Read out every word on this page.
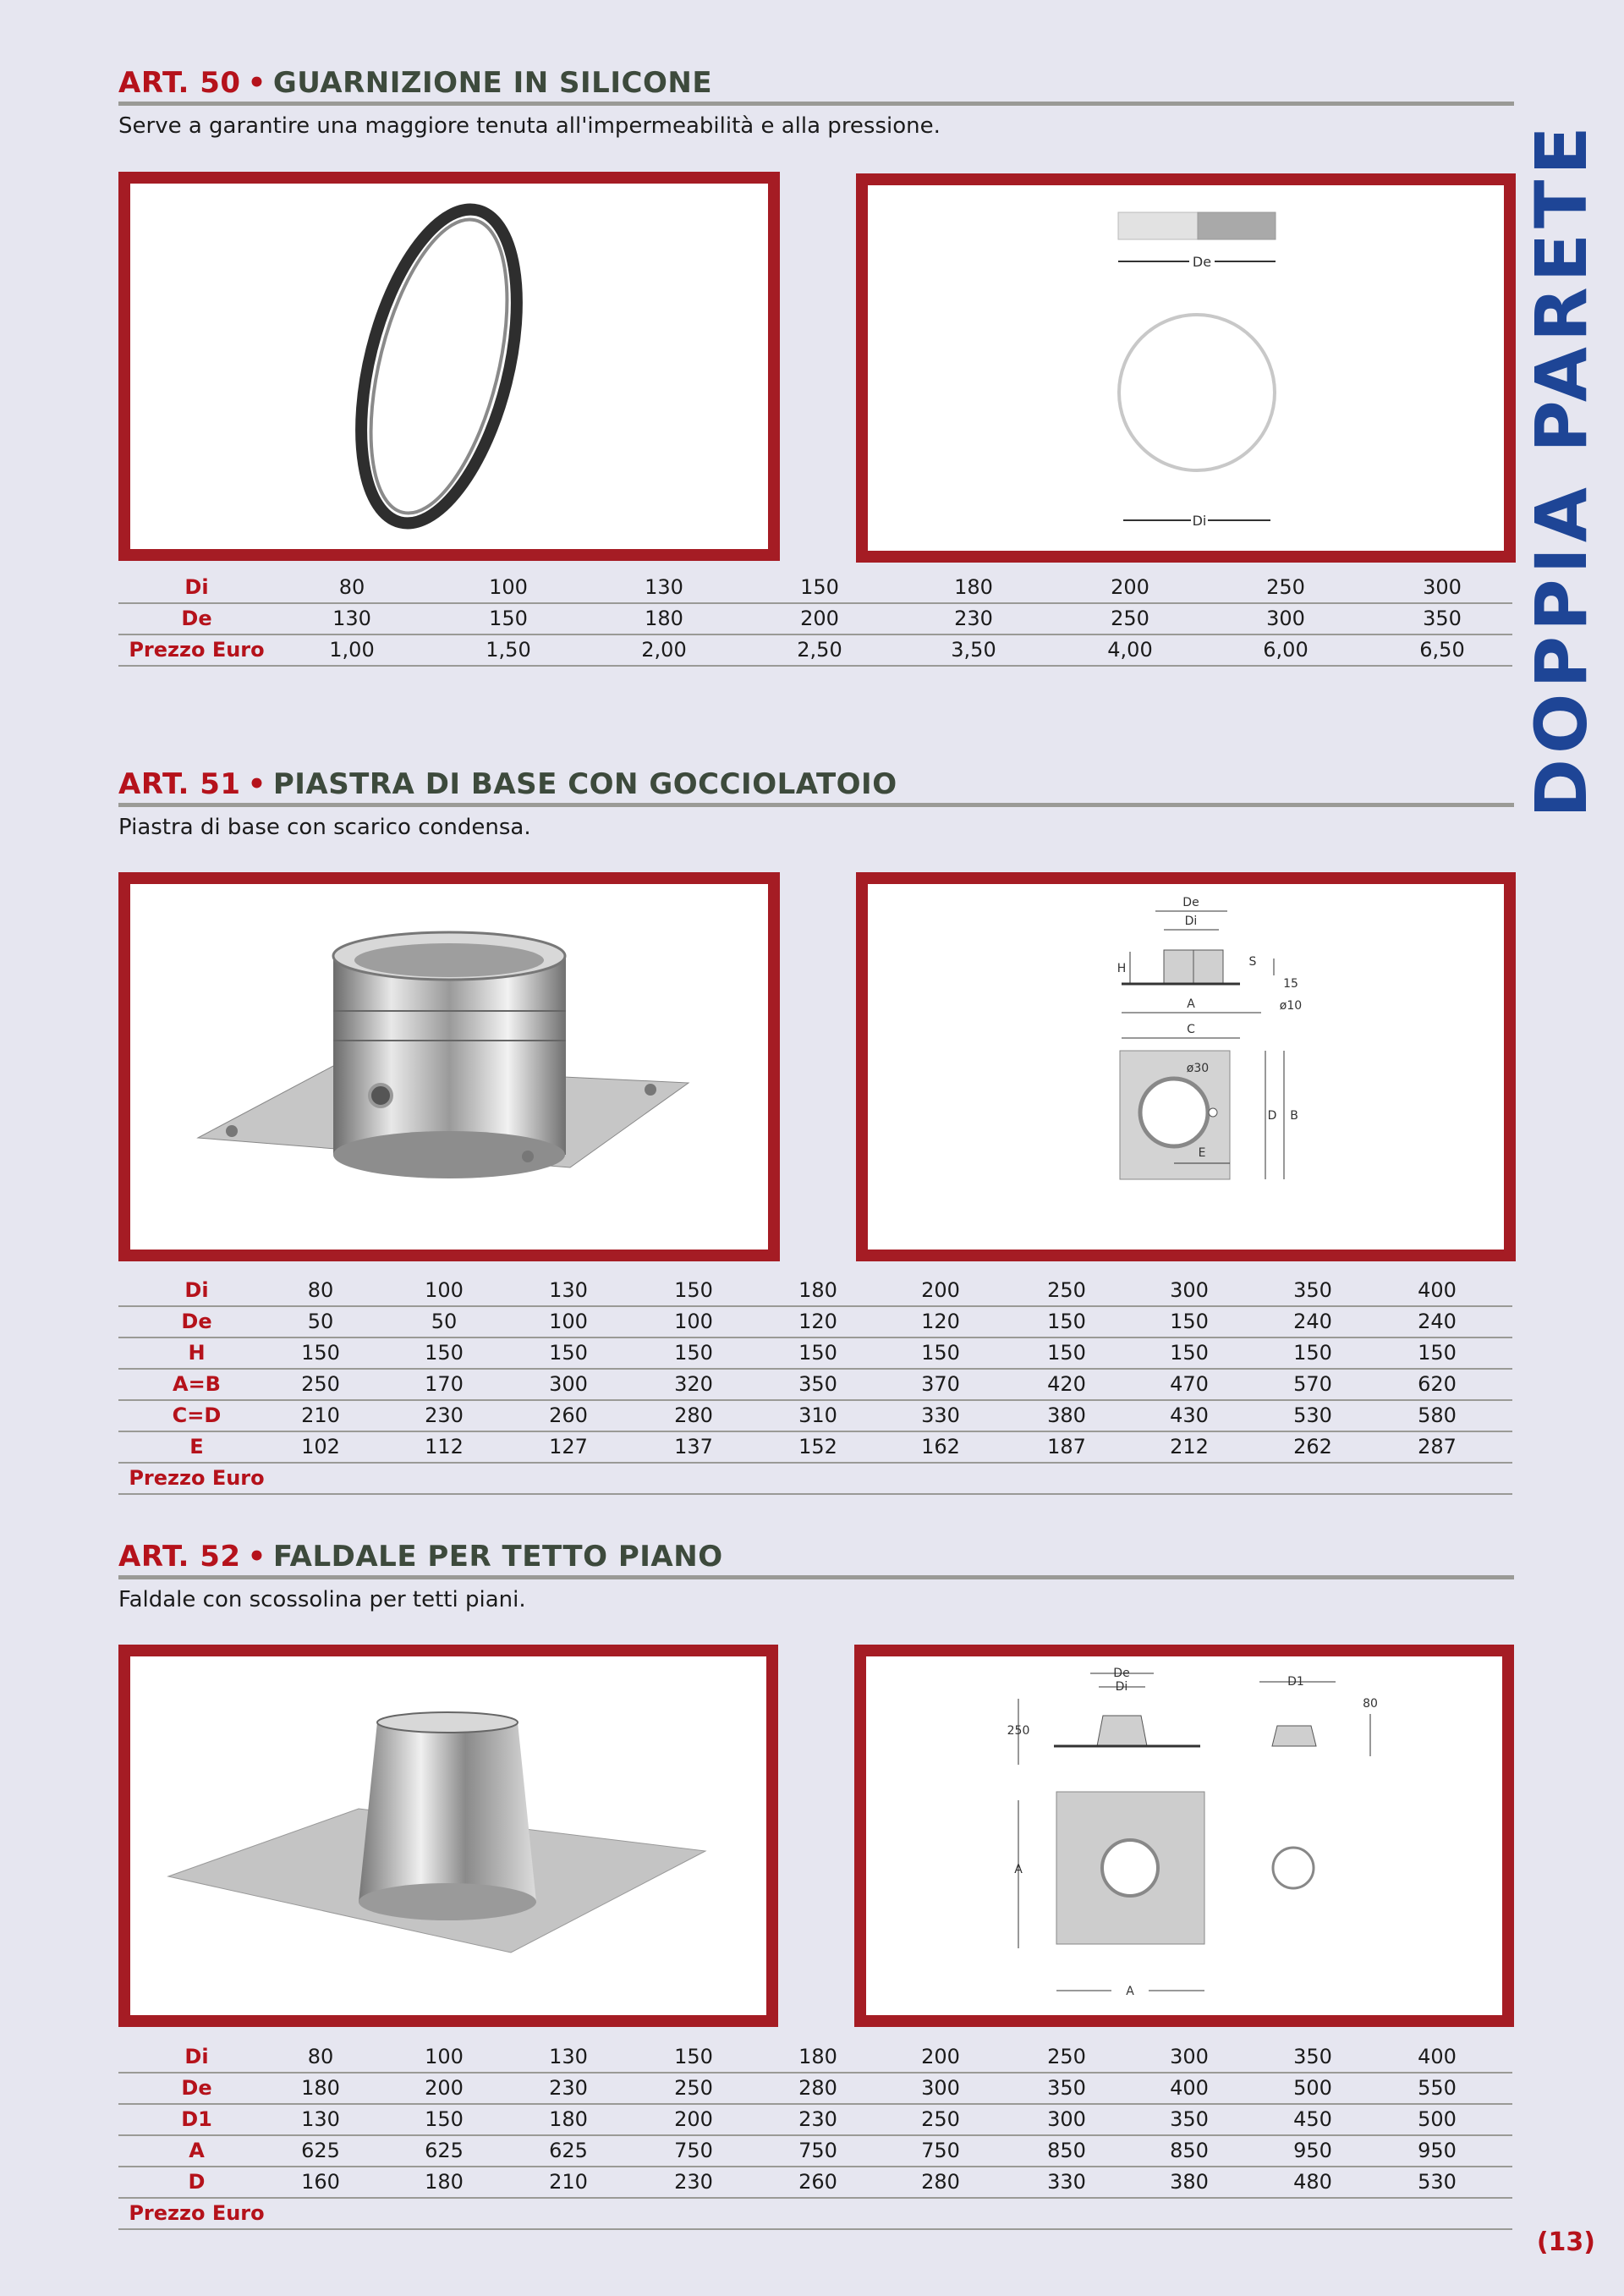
DOPPIA PARETE
ART. 50 • GUARNIZIONE IN SILICONE
Serve a garantire una maggiore tenuta all'impermeabilità e alla pressione.
De
Di
Di	80	100	130	150	180	200	250	300
De	130	150	180	200	230	250	300	350
Prezzo Euro	1,00	1,50	2,00	2,50	3,50	4,00	6,00	6,50
ART. 51 • PIASTRA DI BASE CON GOCCIOLATOIO
Piastra di base con scarico condensa.
De
Di
H	S
15
A	ø10
C
ø30
E
D B
Di	80	100	130	150	180	200	250	300	350	400
De	50	50	100	100	120	120	150	150	240	240
H	150	150	150	150	150	150	150	150	150	150
A=B	250	170	300	320	350	370	420	470	570	620
C=D	210	230	260	280	310	330	380	430	530	580
E	102	112	127	137	152	162	187	212	262	287
Prezzo Euro
ART. 52 • FALDALE PER TETTO PIANO
Faldale con scossolina per tetti piani.
De
Di	D1
250
80
A
A
Di	80	100	130	150	180	200	250	300	350	400
De	180	200	230	250	280	300	350	400	500	550
D1	130	150	180	200	230	250	300	350	450	500
A	625	625	625	750	750	750	850	850	950	950
D	160	180	210	230	260	280	330	380	480	530
Prezzo Euro
(13)
